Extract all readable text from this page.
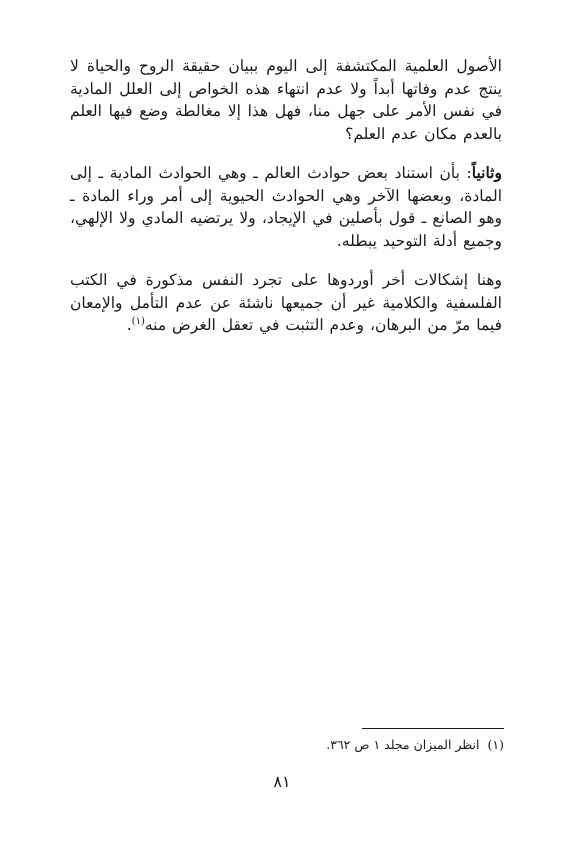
الأصول العلمية المكتشفة إلى اليوم ببيان حقيقة الروح والحياة لا ينتج عدم وفاتها أبداً ولا عدم انتهاء هذه الخواص إلى العلل المادية في نفس الأمر على جهل منا، فهل هذا إلا مغالطة وضع فيها العلم بالعدم مكان عدم العلم؟

وثانياً: بأن استناد بعض حوادث العالم ـ وهي الحوادث المادية ـ إلى المادة، وبعضها الآخر وهي الحوادث الحيوية إلى أمر وراء المادة ـ وهو الصانع ـ قول بأصلين في الإيجاد، ولا يرتضيه المادي ولا الإلهي، وجميع أدلة التوحيد يبطله.

وهنا إشكالات أخر أوردوها على تجرد النفس مذكورة في الكتب الفلسفية والكلامية غير أن جميعها ناشئة عن عدم التأمل والإمعان فيما مرّ من البرهان، وعدم التثبت في تعقل الغرض منه$^{(١)}$.

(١)انظر الميزان مجلد ١ ص ٣٦٢.
٨١
